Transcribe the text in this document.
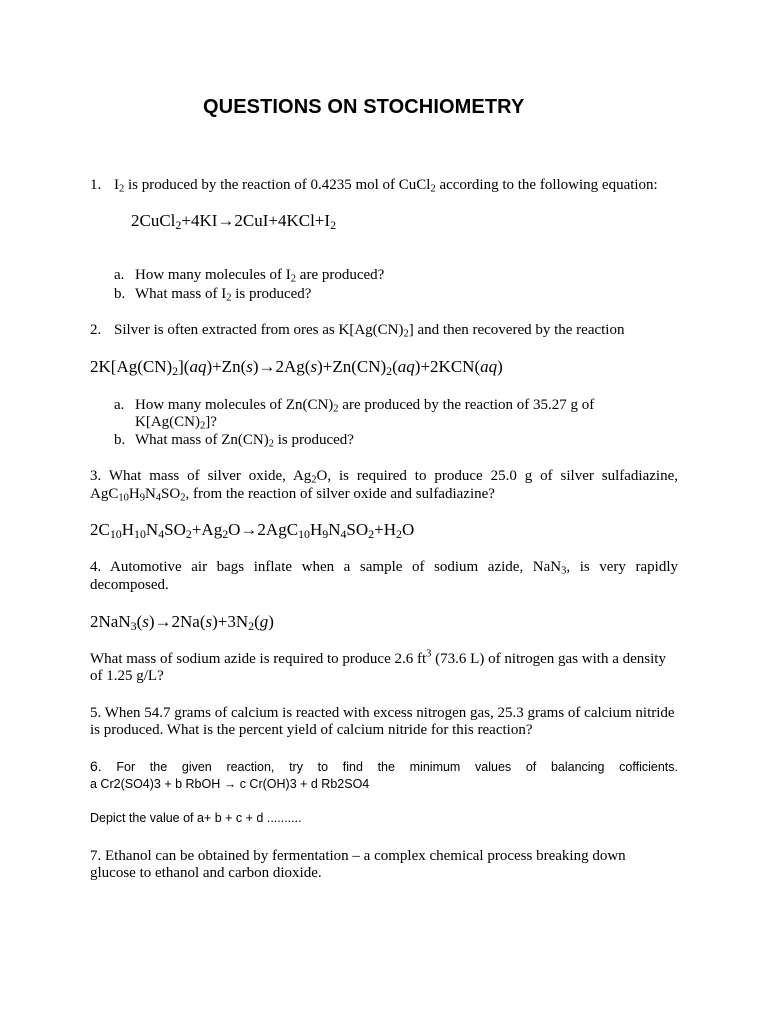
QUESTIONS ON STOCHIOMETRY
1. $I_2$ is produced by the reaction of 0.4235 mol of CuCl$_2$ according to the following equation:
$2CuCl_2+4KI\to 2CuI+4KCl+I_2$
a. How many molecules of $I_2$ are produced?
b. What mass of $I_2$ is produced?
2. Silver is often extracted from ores as $K[Ag(CN)_2]$ and then recovered by the reaction
$2K[Ag(CN)_2](aq)+Zn(s)\to 2Ag(s)+Zn(CN)_2(aq)+2KCN(aq)$
a. How many molecules of $Zn(CN)_2$ are produced by the reaction of 35.27 g of
$K[Ag(CN)_2]$?
b. What mass of $Zn(CN)_2$ is produced?
3. What mass of silver oxide, $Ag_2O$, is required to produce 25.0 g of silver sulfadiazine,
$AgC_{10}H_9N_4SO_2$, from the reaction of silver oxide and sulfadiazine?
$2C_{10}H_{10}N_4SO_2+Ag_2O\to 2AgC_{10}H_9N_4SO_2+H_2O$
4. Automotive air bags inflate when a sample of sodium azide, NaN$_3$, is very rapidly
decomposed.
$2NaN_3(s)\to 2Na(s)+3N_2(g)$
What mass of sodium azide is required to produce 2.6 $ft^3$ (73.6 L) of nitrogen gas with a density
of 1.25 g/L?
5. When 54.7 grams of calcium is reacted with excess nitrogen gas, 25.3 grams of calcium nitride
is produced. What is the percent yield of calcium nitride for this reaction?
6. For the given reaction, try to find the minimum values of balancing cofficients.
a Cr2(SO4)3 + b RbOH → c Cr(OH)3 + d Rb2SO4
Depict the value of a+ b + c + d ..........
7. Ethanol can be obtained by fermentation – a complex chemical process breaking down
glucose to ethanol and carbon dioxide.
